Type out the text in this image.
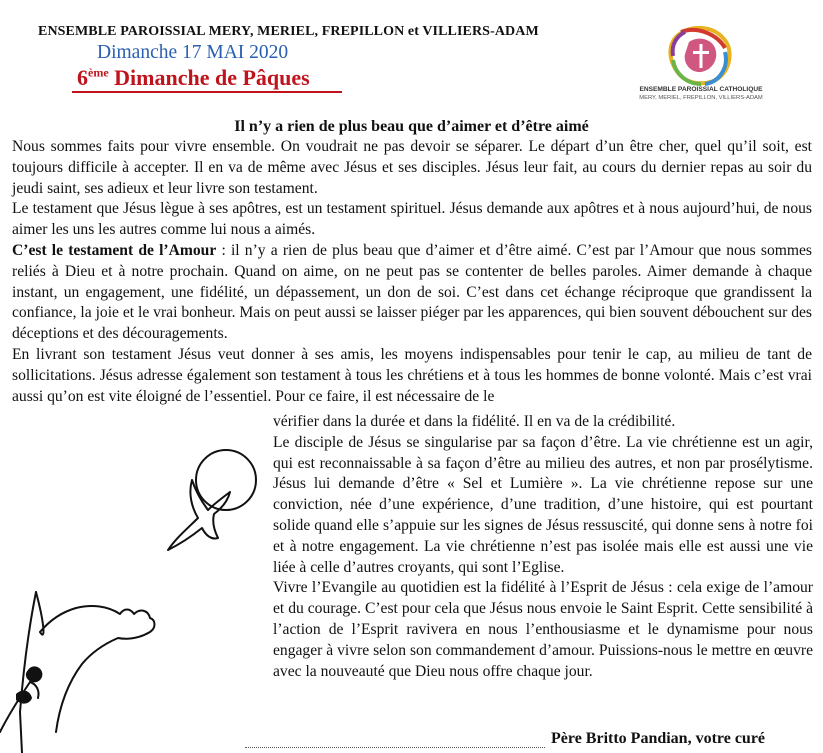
ENSEMBLE PAROISSIAL MERY, MERIEL, FREPILLON et VILLIERS-ADAM
Dimanche 17 MAI 2020
6ème Dimanche de Pâques	ENSEMBLE PAROISSIAL CATHOLIQUE
MERY, MERIEL, FREPILLON, VILLIERS-ADAM
Il n’y a rien de plus beau que d’aimer et d’être aimé

Nous sommes faits pour vivre ensemble. On voudrait ne pas devoir se séparer. Le départ d’un être cher, quel qu’il soit, est toujours difficile à accepter. Il en va de même avec Jésus et ses disciples. Jésus leur fait, au cours du dernier repas au soir du jeudi saint, ses adieux et leur livre son testament.

Le testament que Jésus lègue à ses apôtres, est un testament spirituel. Jésus demande aux apôtres et à nous aujourd’hui, de nous aimer les uns les autres comme lui nous a aimés.

C’est le testament de l’Amour : il n’y a rien de plus beau que d’aimer et d’être aimé. C’est par l’Amour que nous sommes reliés à Dieu et à notre prochain. Quand on aime, on ne peut pas se contenter de belles paroles. Aimer demande à chaque instant, un engagement, une fidélité, un dépassement, un don de soi. C’est dans cet échange réciproque que grandissent la confiance, la joie et le vrai bonheur. Mais on peut aussi se laisser piéger par les apparences, qui bien souvent débouchent sur des déceptions et des découragements.

En livrant son testament Jésus veut donner à ses amis, les moyens indispensables pour tenir le cap, au milieu de tant de sollicitations. Jésus adresse également son testament à tous les chrétiens et à tous les hommes de bonne volonté. Mais c’est vrai aussi qu’on est vite éloigné de l’essentiel. Pour ce faire, il est nécessaire de le

vérifier dans la durée et dans la fidélité. Il en va de la crédibilité.

Le disciple de Jésus se singularise par sa façon d’être. La vie chrétienne est un agir, qui est reconnaissable à sa façon d’être au milieu des autres, et non par prosélytisme. Jésus lui demande d’être « Sel et Lumière ». La vie chrétienne repose sur une conviction, née d’une expérience, d’une tradition, d’une histoire, qui est pourtant solide quand elle s’appuie sur les signes de Jésus ressuscité, qui donne sens à notre foi et à notre engagement. La vie chrétienne n’est pas isolée mais elle est aussi une vie liée à celle d’autres croyants, qui sont l’Eglise.

Vivre l’Evangile au quotidien est la fidélité à l’Esprit de Jésus : cela exige de l’amour et du courage. C’est pour cela que Jésus nous envoie le Saint Esprit. Cette sensibilité à l’action de l’Esprit ravivera en nous l’enthousiasme et le dynamisme pour nous engager à vivre selon son commandement d’amour. Puissions-nous le mettre en œuvre avec la nouveauté que Dieu nous offre chaque jour.

Père Britto Pandian, votre curé
